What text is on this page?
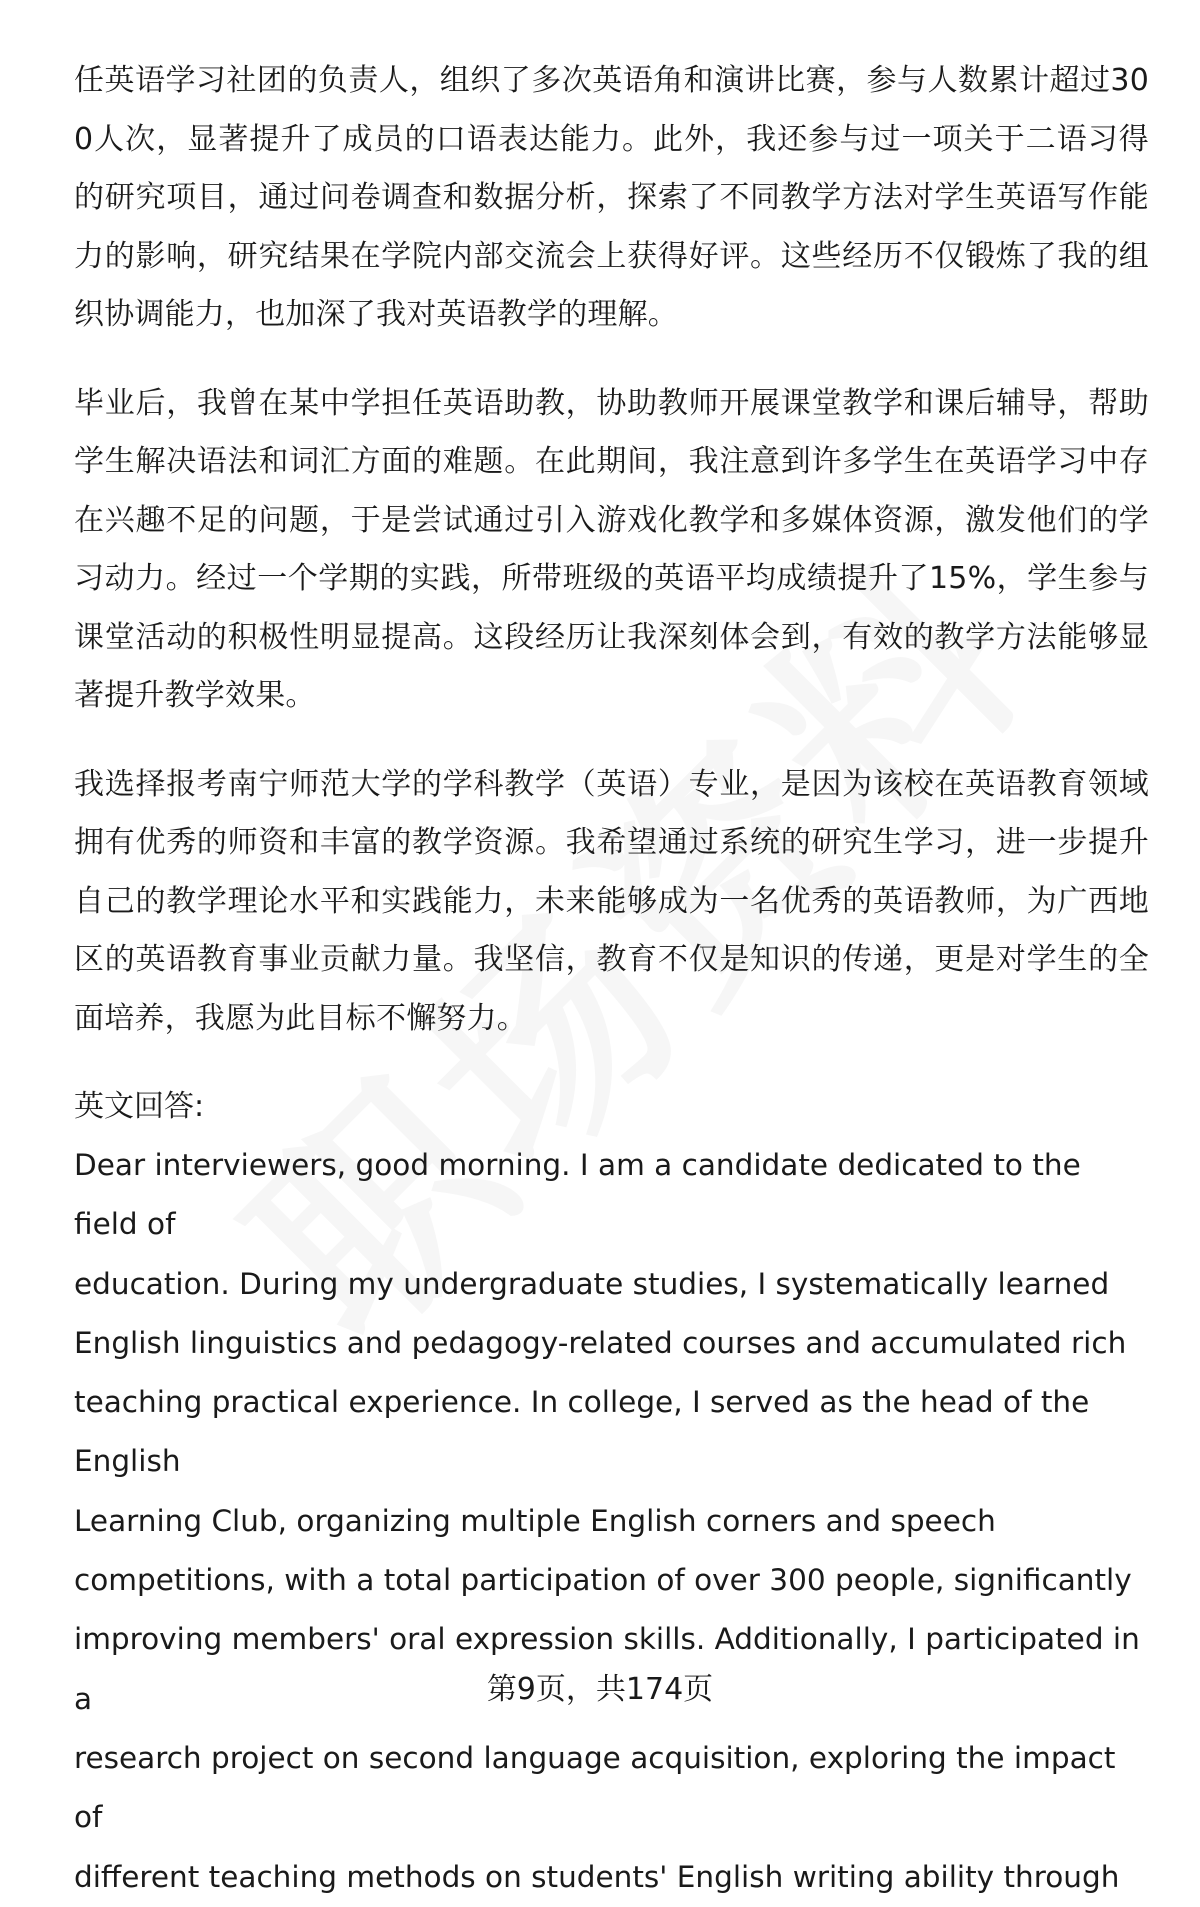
任英语学习社团的负责人，组织了多次英语角和演讲比赛，参与人数累计超过300人次，显著提升了成员的口语表达能力。此外，我还参与过一项关于二语习得的研究项目，通过问卷调查和数据分析，探索了不同教学方法对学生英语写作能力的影响，研究结果在学院内部交流会上获得好评。这些经历不仅锻炼了我的组织协调能力，也加深了我对英语教学的理解。

毕业后，我曾在某中学担任英语助教，协助教师开展课堂教学和课后辅导，帮助学生解决语法和词汇方面的难题。在此期间，我注意到许多学生在英语学习中存在兴趣不足的问题，于是尝试通过引入游戏化教学和多媒体资源，激发他们的学习动力。经过一个学期的实践，所带班级的英语平均成绩提升了15%，学生参与课堂活动的积极性明显提高。这段经历让我深刻体会到，有效的教学方法能够显著提升教学效果。

我选择报考南宁师范大学的学科教学（英语）专业，是因为该校在英语教育领域拥有优秀的师资和丰富的教学资源。我希望通过系统的研究生学习，进一步提升自己的教学理论水平和实践能力，未来能够成为一名优秀的英语教师，为广西地区的英语教育事业贡献力量。我坚信，教育不仅是知识的传递，更是对学生的全面培养，我愿为此目标不懈努力。

英文回答:

Dear interviewers, good morning. I am a candidate dedicated to the field of
education. During my undergraduate studies, I systematically learned
English linguistics and pedagogy-related courses and accumulated rich
teaching practical experience. In college, I served as the head of the English
Learning Club, organizing multiple English corners and speech
competitions, with a total participation of over 300 people, significantly
improving members' oral expression skills. Additionally, I participated in a
research project on second language acquisition, exploring the impact of
different teaching methods on students' English writing ability through
第9页，共174页
